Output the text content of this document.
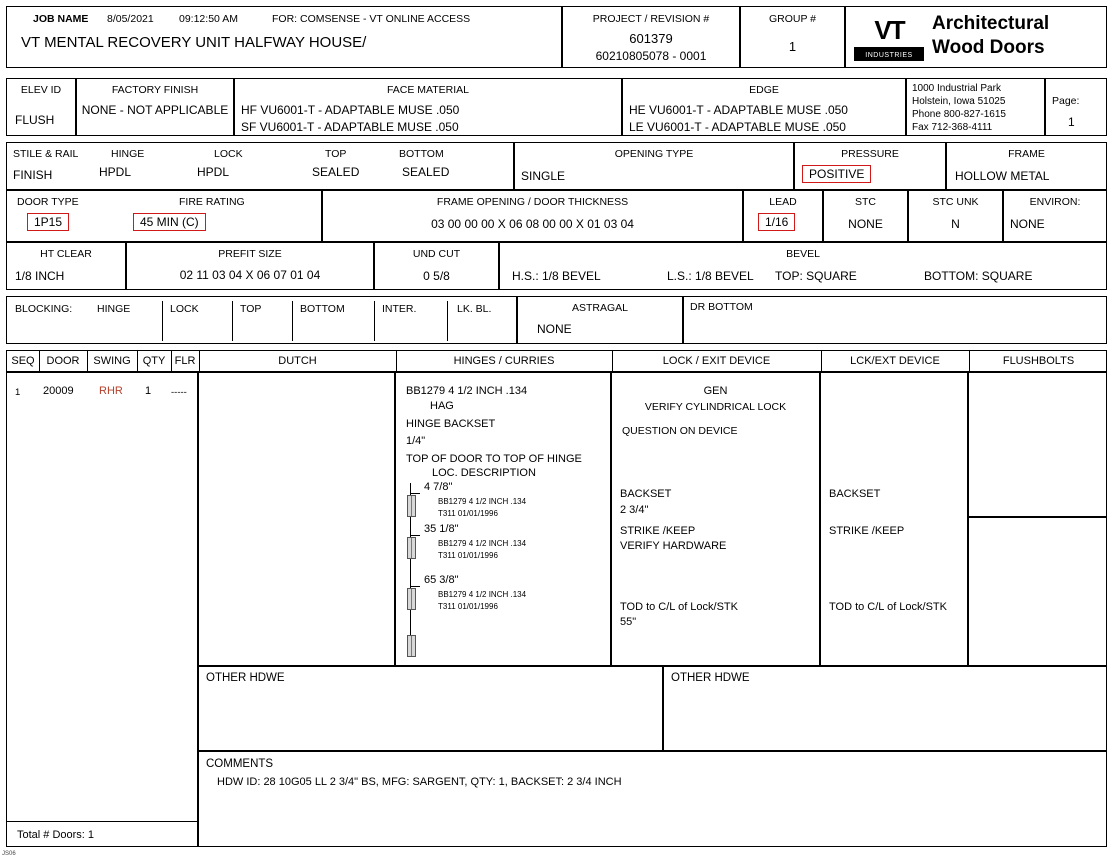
JOB NAME 8/05/2021 09:12:50 AM	FOR: COMSENSE - VT ONLINE ACCESS
VT MENTAL RECOVERY UNIT HALFWAY HOUSE/
PROJECT / REVISION #
601379
60210805078 - 0001
GROUP #
1
VT
INDUSTRIES
Architectural
Wood Doors
ELEV ID
FLUSH
FACTORY FINISH
NONE - NOT APPLICABLE
FACE MATERIAL
HF VU6001-T - ADAPTABLE MUSE .050
SF VU6001-T - ADAPTABLE MUSE .050
EDGE
HE VU6001-T - ADAPTABLE MUSE .050
LE VU6001-T - ADAPTABLE MUSE .050
1000 Industrial Park
Holstein, Iowa 51025
Phone 800-827-1615
Fax 712-368-4111
Page:
1
STILE & RAIL
FINISH
HINGE
HPDL
LOCK
HPDL
TOP
SEALED
BOTTOM
SEALED
OPENING TYPE
SINGLE
PRESSURE
POSITIVE
FRAME
HOLLOW METAL
DOOR TYPE
1P15
FIRE RATING
45 MIN (C)
FRAME OPENING / DOOR THICKNESS
03 00 00 00 X 06 08 00 00 X 01 03 04
LEAD
1/16
STC
NONE
STC UNK
N
ENVIRON:
NONE
HT CLEAR
1/8 INCH
PREFIT SIZE
02 11 03 04 X 06 07 01 04
UND CUT
0 5/8
BEVEL
H.S.: 1/8 BEVEL	L.S.: 1/8 BEVEL TOP: SQUARE	BOTTOM: SQUARE
BLOCKING: HINGE	LOCK	TOP	BOTTOM	INTER.	LK. BL.	ASTRAGAL
NONE
DR BOTTOM
SEQ	DOOR	SWING	QTY FLR	DUTCH	HINGES / CURRIES	LOCK / EXIT DEVICE	LCK/EXT DEVICE	FLUSHBOLTS
1 20009 RHR 1 -----
Total # Doors: 1
BB1279 4 1/2 INCH .134
HAG
HINGE BACKSET
1/4"
TOP OF DOOR TO TOP OF HINGE
LOC. DESCRIPTION
4 7/8"
BB1279 4 1/2 INCH .134
T311 01/01/1996
35 1/8"
BB1279 4 1/2 INCH .134
T311 01/01/1996
65 3/8"
BB1279 4 1/2 INCH .134
T311 01/01/1996
GEN
VERIFY CYLINDRICAL LOCK
QUESTION ON DEVICE
BACKSET
2 3/4"
STRIKE /KEEP
VERIFY HARDWARE
TOD to C/L of Lock/STK
55"
BACKSET
STRIKE /KEEP
TOD to C/L of Lock/STK
OTHER HDWE	OTHER HDWE
COMMENTS
HDW ID: 28 10G05 LL 2 3/4" BS, MFG: SARGENT, QTY: 1, BACKSET: 2 3/4 INCH
JS06
